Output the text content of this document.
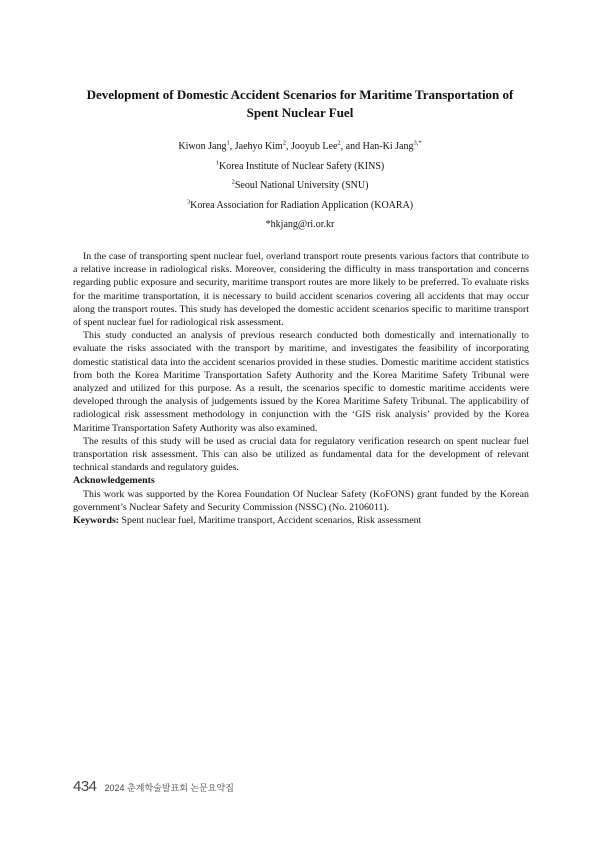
Development of Domestic Accident Scenarios for Maritime Transportation of Spent Nuclear Fuel
Kiwon Jang$^1$, Jaehyo Kim$^2$, Jooyub Lee$^2$, and Han-Ki Jang$^{3,*}$
$^1$Korea Institute of Nuclear Safety (KINS)
$^2$Seoul National University (SNU)
$^3$Korea Association for Radiation Application (KOARA)
*hkjang@ri.or.kr

In the case of transporting spent nuclear fuel, overland transport route presents various factors that contribute to a relative increase in radiological risks. Moreover, considering the difficulty in mass transportation and concerns regarding public exposure and security, maritime transport routes are more likely to be preferred. To evaluate risks for the maritime transportation, it is necessary to build accident scenarios covering all accidents that may occur along the transport routes. This study has developed the domestic accident scenarios specific to maritime transport of spent nuclear fuel for radiological risk assessment.

This study conducted an analysis of previous research conducted both domestically and internationally to evaluate the risks associated with the transport by maritime, and investigates the feasibility of incorporating domestic statistical data into the accident scenarios provided in these studies. Domestic maritime accident statistics from both the Korea Maritime Transportation Safety Authority and the Korea Maritime Safety Tribunal were analyzed and utilized for this purpose. As a result, the scenarios specific to domestic maritime accidents were developed through the analysis of judgements issued by the Korea Maritime Safety Tribunal. The applicability of radiological risk assessment methodology in conjunction with the ‘GIS risk analysis’ provided by the Korea Maritime Transportation Safety Authority was also examined.

The results of this study will be used as crucial data for regulatory verification research on spent nuclear fuel transportation risk assessment. This can also be utilized as fundamental data for the development of relevant technical standards and regulatory guides.

Acknowledgements

This work was supported by the Korea Foundation Of Nuclear Safety (KoFONS) grant funded by the Korean government’s Nuclear Safety and Security Commission (NSSC) (No. 2106011).

Keywords: Spent nuclear fuel, Maritime transport, Accident scenarios, Risk assessment

434 2024 춘계학술발표회 논문요약집
